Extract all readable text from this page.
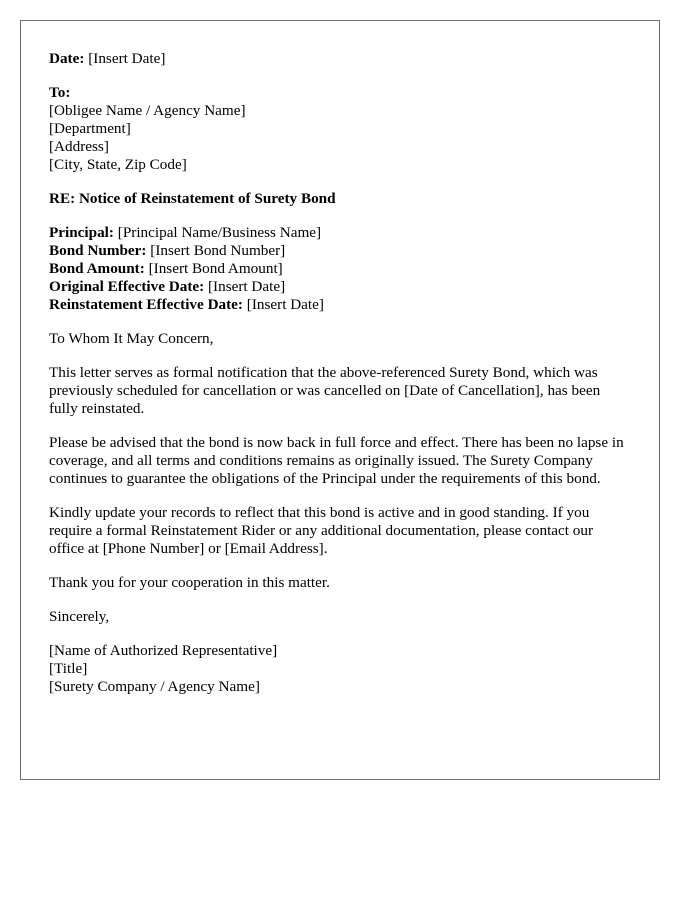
Date: [Insert Date]
To:
[Obligee Name / Agency Name]
[Department]
[Address]
[City, State, Zip Code]
RE: Notice of Reinstatement of Surety Bond
Principal: [Principal Name/Business Name]
Bond Number: [Insert Bond Number]
Bond Amount: [Insert Bond Amount]
Original Effective Date: [Insert Date]
Reinstatement Effective Date: [Insert Date]

To Whom It May Concern,

This letter serves as formal notification that the above-referenced Surety Bond, which was previously scheduled for cancellation or was cancelled on [Date of Cancellation], has been fully reinstated.

Please be advised that the bond is now back in full force and effect. There has been no lapse in coverage, and all terms and conditions remains as originally issued. The Surety Company continues to guarantee the obligations of the Principal under the requirements of this bond.

Kindly update your records to reflect that this bond is active and in good standing. If you require a formal Reinstatement Rider or any additional documentation, please contact our office at [Phone Number] or [Email Address].

Thank you for your cooperation in this matter.

Sincerely,

[Name of Authorized Representative]
[Title]
[Surety Company / Agency Name]
